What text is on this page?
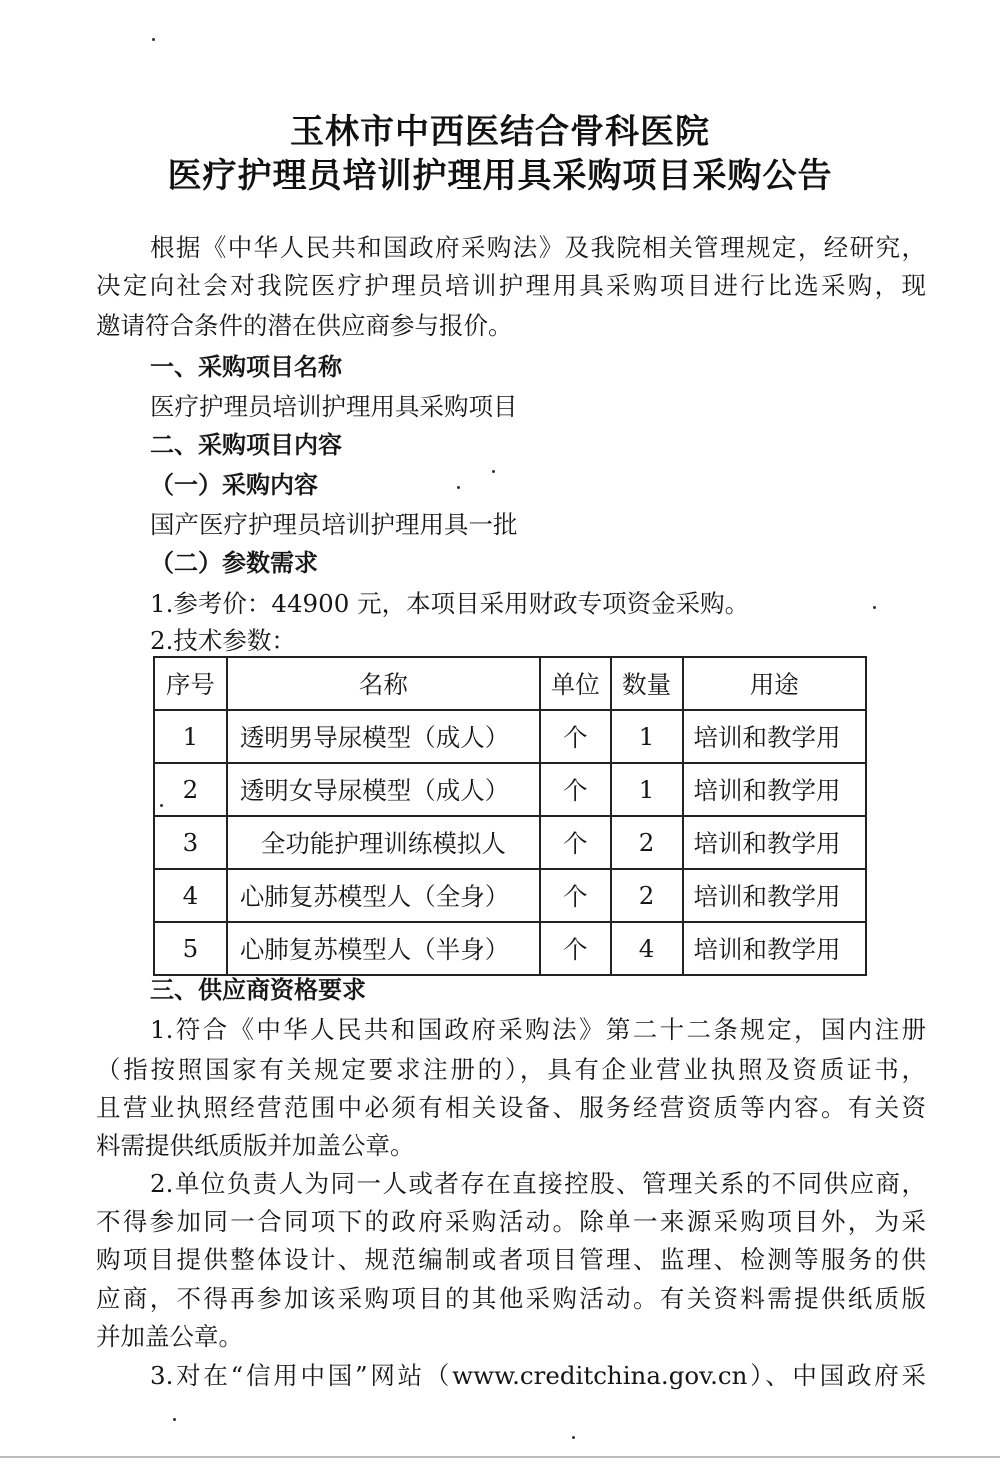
玉林市中西医结合骨科医院
医疗护理员培训护理用具采购项目采购公告
根据《中华人民共和国政府采购法》及我院相关管理规定，经研究，
决定向社会对我院医疗护理员培训护理用具采购项目进行比选采购，现
邀请符合条件的潜在供应商参与报价。
一、采购项目名称
医疗护理员培训护理用具采购项目
二、采购项目内容
（一）采购内容
国产医疗护理员培训护理用具一批
（二）参数需求
1.参考价：44900 元，本项目采用财政专项资金采购。
2.技术参数：
序号	名称	单位	数量	用途
1	透明男导尿模型（成人）	个	1	培训和教学用
2	透明女导尿模型（成人）	个	1	培训和教学用
3	全功能护理训练模拟人	个	2	培训和教学用
4	心肺复苏模型人（全身）	个	2	培训和教学用
5	心肺复苏模型人（半身）	个	4	培训和教学用
三、供应商资格要求
1.符合《中华人民共和国政府采购法》第二十二条规定，国内注册
（指按照国家有关规定要求注册的），具有企业营业执照及资质证书，
且营业执照经营范围中必须有相关设备、服务经营资质等内容。有关资
料需提供纸质版并加盖公章。
2.单位负责人为同一人或者存在直接控股、管理关系的不同供应商，
不得参加同一合同项下的政府采购活动。除单一来源采购项目外，为采
购项目提供整体设计、规范编制或者项目管理、监理、检测等服务的供
应商，不得再参加该采购项目的其他采购活动。有关资料需提供纸质版
并加盖公章。
3.对在“信用中国”网站（www.creditchina.gov.cn）、中国政府采
